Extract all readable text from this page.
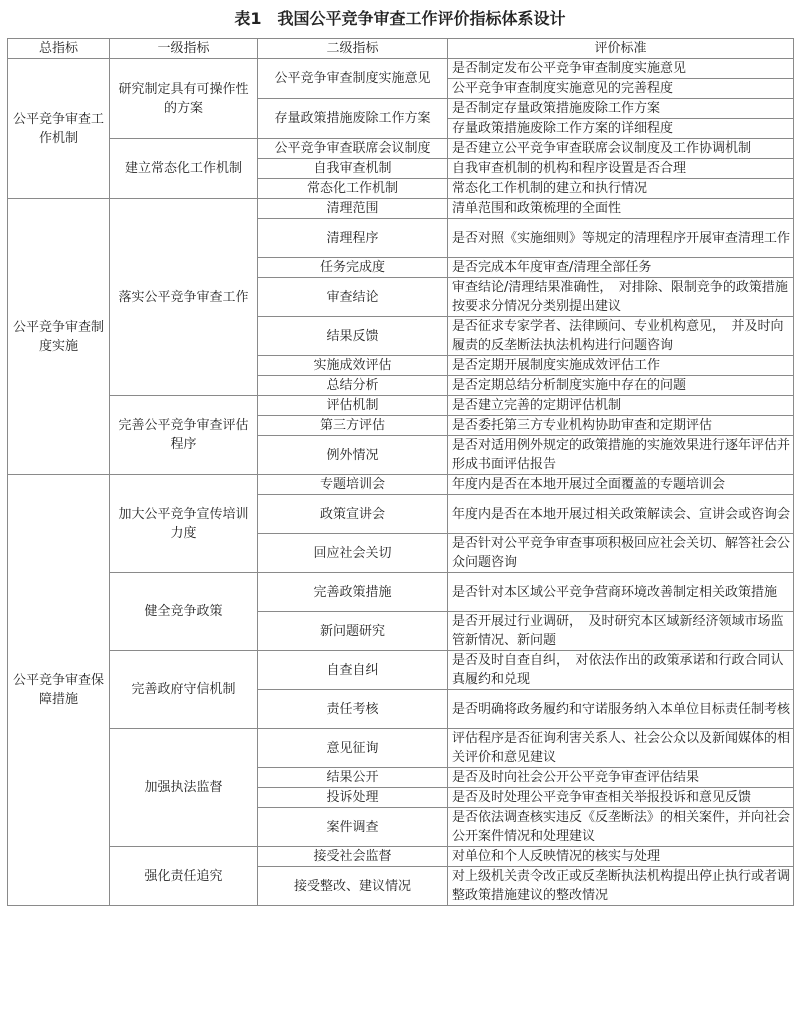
表1　我国公平竞争审查工作评价指标体系设计
总指标	一级指标	二级指标	评价标准
公平竞争审查工作机制	研究制定具有可操作性的方案	公平竞争审查制度实施意见	是否制定发布公平竞争审查制度实施意见
			公平竞争审查制度实施意见的完善程度
		存量政策措施废除工作方案	是否制定存量政策措施废除工作方案
			存量政策措施废除工作方案的详细程度
	建立常态化工作机制	公平竞争审查联席会议制度	是否建立公平竞争审查联席会议制度及工作协调机制
		自我审查机制	自我审查机制的机构和程序设置是否合理
		常态化工作机制	常态化工作机制的建立和执行情况
公平竞争审查制度实施	落实公平竞争审查工作	清理范围	清单范围和政策梳理的全面性
		清理程序	是否对照《实施细则》等规定的清理程序开展审查清理工作
		任务完成度	是否完成本年度审查/清理全部任务
		审查结论	审查结论/清理结果准确性，　对排除、限制竞争的政策措施按要求分情况分类别提出建议
		结果反馈	是否征求专家学者、法律顾问、专业机构意见，　并及时向履责的反垄断法执法机构进行问题咨询
		实施成效评估	是否定期开展制度实施成效评估工作
		总结分析	是否定期总结分析制度实施中存在的问题
	完善公平竞争审查评估程序	评估机制	是否建立完善的定期评估机制
		第三方评估	是否委托第三方专业机构协助审查和定期评估
		例外情况	是否对适用例外规定的政策措施的实施效果进行逐年评估并形成书面评估报告
公平竞争审查保障措施	加大公平竞争宣传培训力度	专题培训会	年度内是否在本地开展过全面覆盖的专题培训会
		政策宣讲会	年度内是否在本地开展过相关政策解读会、宣讲会或咨询会
		回应社会关切	是否针对公平竞争审查事项积极回应社会关切、解答社会公众问题咨询
	健全竞争政策	完善政策措施	是否针对本区域公平竞争营商环境改善制定相关政策措施
		新问题研究	是否开展过行业调研，　及时研究本区域新经济领域市场监管新情况、新问题
	完善政府守信机制	自查自纠	是否及时自查自纠，　对依法作出的政策承诺和行政合同认真履约和兑现
		责任考核	是否明确将政务履约和守诺服务纳入本单位目标责任制考核
	加强执法监督	意见征询	评估程序是否征询利害关系人、社会公众以及新闻媒体的相关评价和意见建议
		结果公开	是否及时向社会公开公平竞争审查评估结果
		投诉处理	是否及时处理公平竞争审查相关举报投诉和意见反馈
		案件调查	是否依法调查核实违反《反垄断法》的相关案件，并向社会公开案件情况和处理建议
	强化责任追究	接受社会监督	对单位和个人反映情况的核实与处理
		接受整改、建议情况	对上级机关责令改正或反垄断执法机构提出停止执行或者调整政策措施建议的整改情况
